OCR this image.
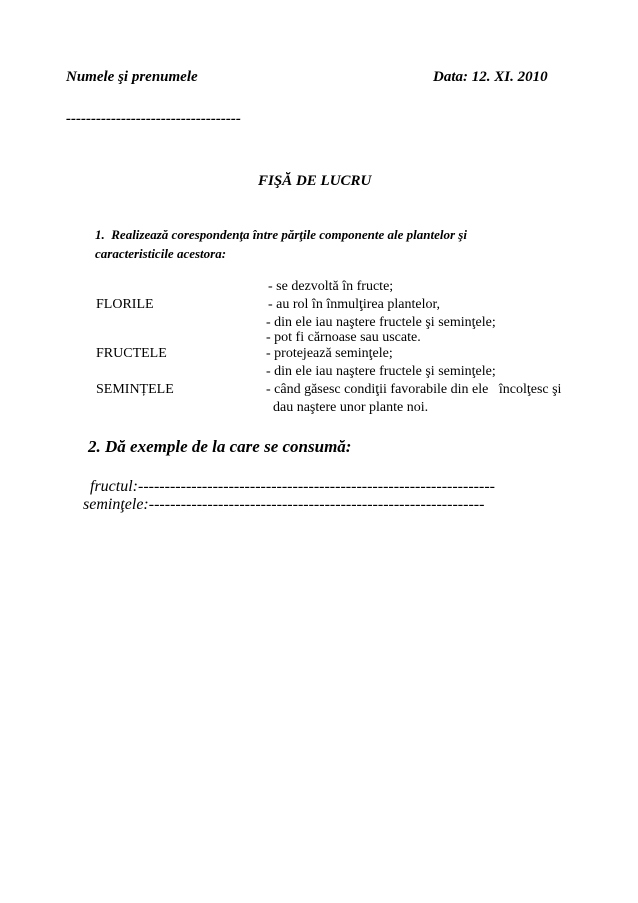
Numele şi prenumele	Data: 12. XI. 2010
-----------------------------------
FIŞĂ DE LUCRU
1.  Realizează corespondenţa între părţile componente ale plantelor şi
caracteristicile acestora:
FLORILE
FRUCTELE
SEMINȚELE
- se dezvoltă în fructe;
- au rol în înmulţirea plantelor,
- din ele iau naştere fructele şi seminţele;
- pot fi cărnoase sau uscate.
- protejează seminţele;
- din ele iau naştere fructele şi seminţele;
- când găsesc condiţii favorabile din ele   încolţesc şi
dau naştere unor plante noi.
2. Dă exemple de la care se consumă:
fructul:-------------------------------------------------------------------
seminţele:---------------------------------------------------------------
